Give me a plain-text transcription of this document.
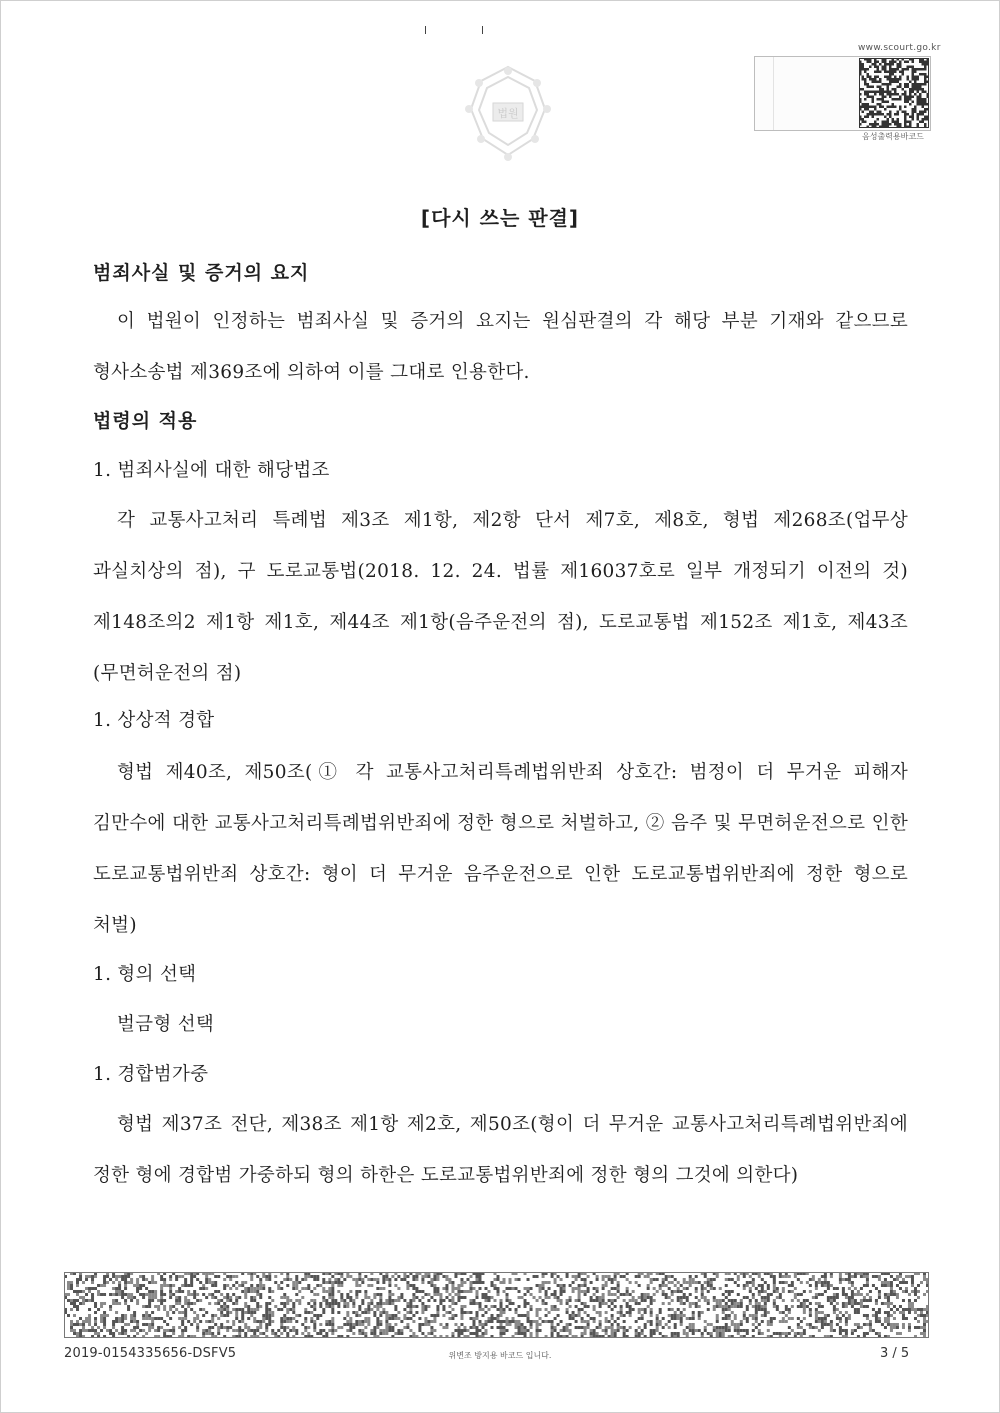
법원
www.scourt.go.kr
음성출력용바코드
[다시 쓰는 판결]
범죄사실 및 증거의 요지
이 법원이 인정하는 범죄사실 및 증거의 요지는 원심판결의 각 해당 부분 기재와 같으므로 형사소송법 제369조에 의하여 이를 그대로 인용한다.
법령의 적용
1. 범죄사실에 대한 해당법조
각 교통사고처리 특례법 제3조 제1항, 제2항 단서 제7호, 제8호, 형법 제268조(업무상 과실치상의 점), 구 도로교통법(2018. 12. 24. 법률 제16037호로 일부 개정되기 이전의 것) 제148조의2 제1항 제1호, 제44조 제1항(음주운전의 점), 도로교통법 제152조 제1호, 제43조(무면허운전의 점)
1. 상상적 경합
형법 제40조, 제50조(① 각 교통사고처리특례법위반죄 상호간: 범정이 더 무거운 피해자 김만수에 대한 교통사고처리특례법위반죄에 정한 형으로 처벌하고, ② 음주 및 무면허운전으로 인한 도로교통법위반죄 상호간: 형이 더 무거운 음주운전으로 인한 도로교통법위반죄에 정한 형으로 처벌)
1. 형의 선택
벌금형 선택
1. 경합범가중
형법 제37조 전단, 제38조 제1항 제2호, 제50조(형이 더 무거운 교통사고처리특례법위반죄에 정한 형에 경합범 가중하되 형의 하한은 도로교통법위반죄에 정한 형의 그것에 의한다)
2019-0154335656-DSFV5	위변조 방지용 바코드 입니다.	3 / 5
